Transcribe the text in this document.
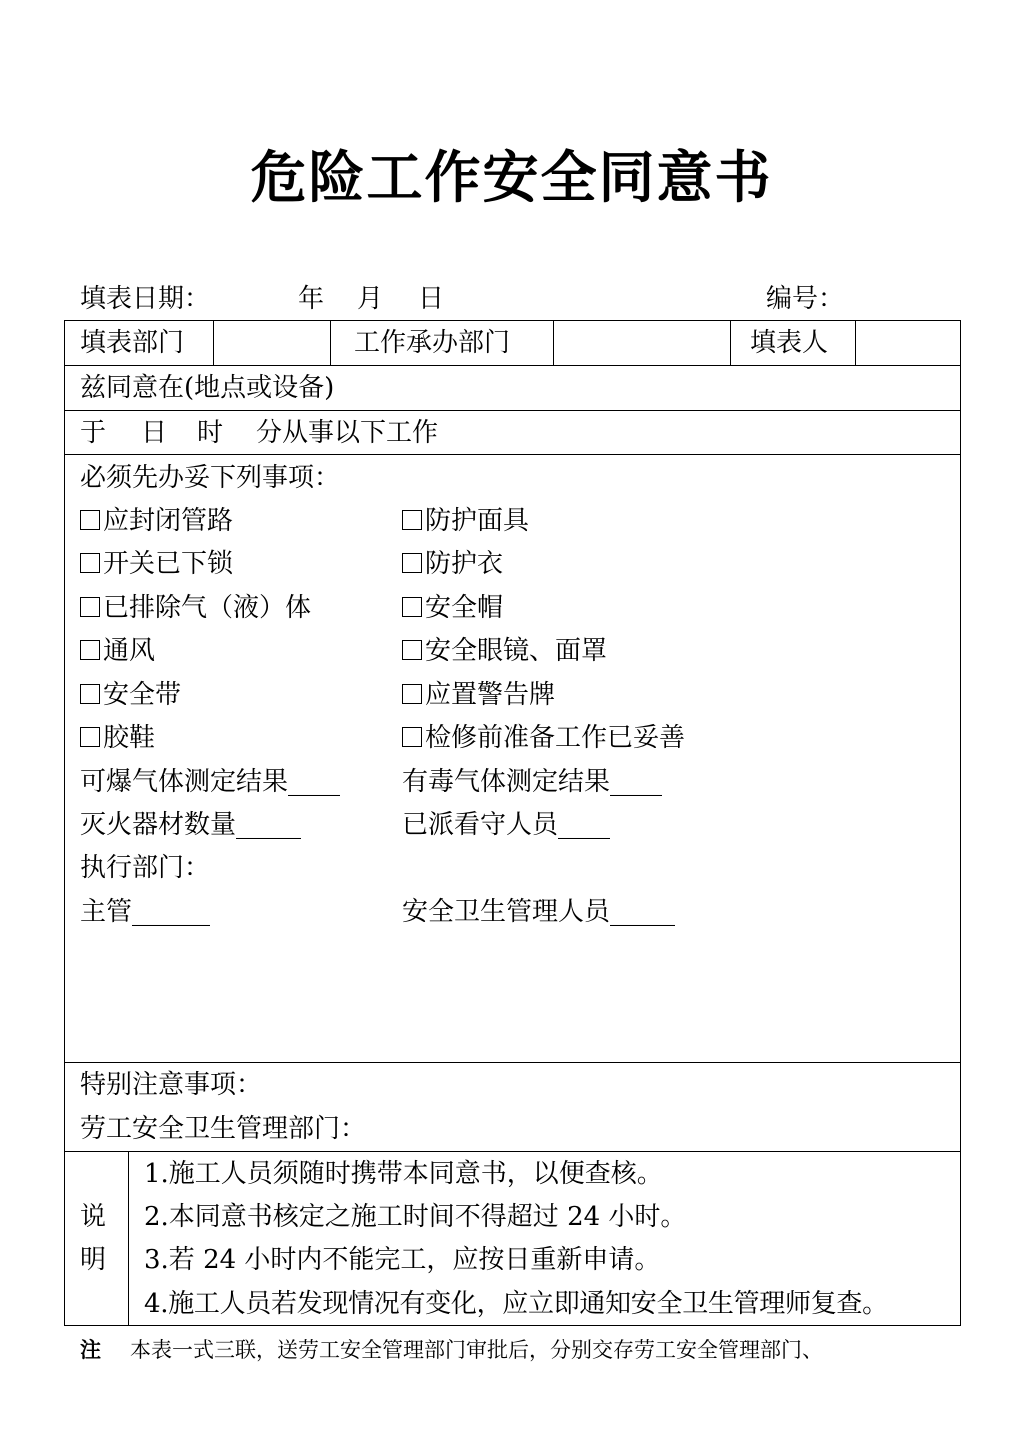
危险工作安全同意书
填表日期：	年 月 日	编号：
填表部门	工作承办部门	填表人
兹同意在(地点或设备)
于 日 时 分从事以下工作
必须先办妥下列事项：
应封闭管路	防护面具
开关已下锁	防护衣
已排除气（液）体	安全帽
通风	安全眼镜、面罩
安全带	应置警告牌
胶鞋	检修前准备工作已妥善
可爆气体测定结果____ 有毒气体测定结果____
灭火器材数量_____	已派看守人员____
执行部门：
主管______	安全卫生管理人员_____
特别注意事项：
劳工安全卫生管理部门：
说
明
1.施工人员须随时携带本同意书，以便查核。
2.本同意书核定之施工时间不得超过 24 小时。
3.若 24 小时内不能完工，应按日重新申请。
4.施工人员若发现情况有变化，应立即通知安全卫生管理师复查。
注 本表一式三联，送劳工安全管理部门审批后，分别交存劳工安全管理部门、
